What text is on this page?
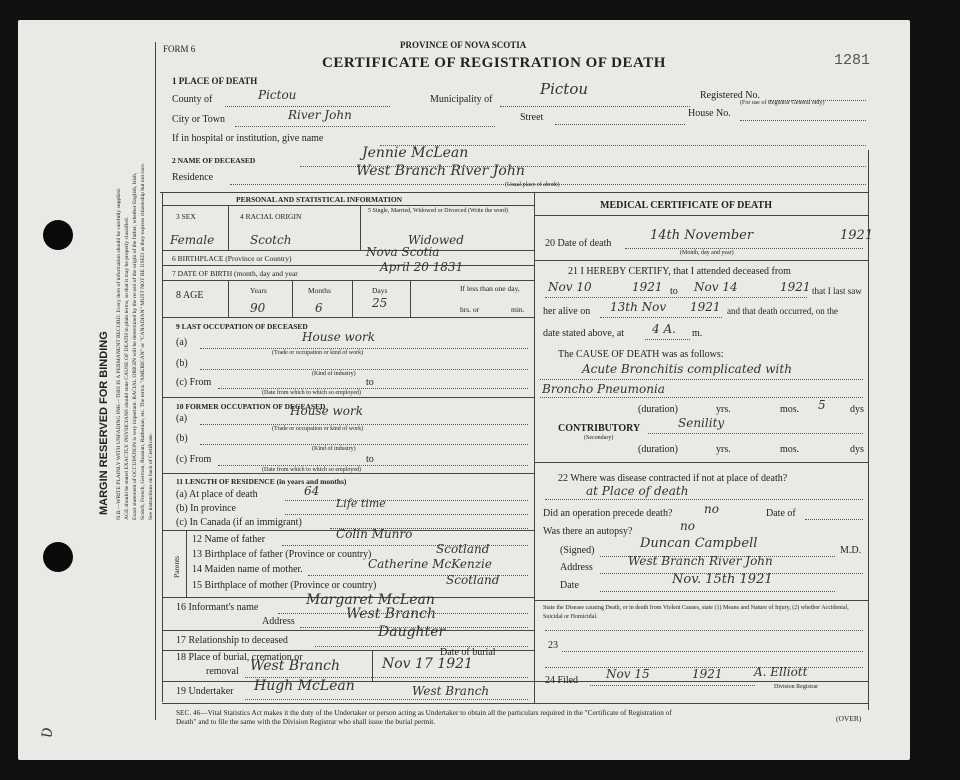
MARGIN RESERVED FOR BINDING N.B.—WRITE PLAINLY WITH UNFADING INK—THIS IS A PERMANENT RECORD. Every item of information should be carefully supplied. AGE should be stated EXACTLY. PHYSICIANS should state CAUSE OF DEATH in plain terms, so that it may be properly classified. Exact statement of OCCUPATION is very important. RACIAL ORIGIN will be determined by the record of the origin of the father, whether English, Irish, Scotch, French, German, Russian, Ruthenian, etc. The terms "AMERICAN" or "CANADIAN" MUST NOT BE USED as they express citizenship but not race. See instructions on back of Certificate.
Ʋ
FORM 6	PROVINCE OF NOVA SCOTIA
CERTIFICATE OF REGISTRATION OF DEATH	1281
1 PLACE OF DEATH
County of	Pictou	Municipality of
Pictou	Registered No.
(For use of Registrar General only)
City or Town	River John	Street	House No.
If in hospital or institution, give name
2 NAME OF DECEASED	Jennie McLean
Residence	West Branch River John
(Usual place of abode)
PERSONAL AND STATISTICAL INFORMATION
3 SEX	4 RACIAL ORIGIN
5 Single, Married, Widowed or Divorced (Write the word)
Female	Scotch	Widowed
6 BIRTHPLACE (Province or Country)	Nova Scotia
7 DATE OF BIRTH (month, day and year	April 20 1831
8 AGE	Years	Months	Days
90	6	25
If less than one day,
hrs. or	min.
9 LAST OCCUPATION OF DECEASED
(a)	House work
(Trade or occupation or kind of work)
(b)
(Kind of industry)
(c) From	to
(Date from which to which so employed)
10 FORMER OCCUPATION OF DECEASED
(a)
House work
(Trade or occupation or kind of work)
(b)
(Kind of industry)
(c) From	to
(Date from which to which so employed)
11 LENGTH OF RESIDENCE (in years and months)
(a) At place of death	64
(b) In province	Life time
(c) In Canada (if an immigrant)
Parents
12 Name of father	Colin Munro
13 Birthplace of father (Province or country)	Scotland
14 Maiden name of mother.	Catherine McKenzie
15 Birthplace of mother (Province or country)	Scotland
16 Informant's name	Margaret McLean
Address	West Branch
17 Relationship to deceased
Daughter
18 Place of burial, cremation or
removal West Branch
Date of burial
Nov 17 1921
19 Undertaker Hugh McLean	West Branch
MEDICAL CERTIFICATE OF DEATH
20 Date of death
14th November	1921
(Month, day and year)
21 I HEREBY CERTIFY, that I attended deceased from
Nov 10	1921 to Nov 14	1921 that I last saw
her alive on 13th Nov 1921 and that death occurred, on the
date stated above, at 4 A. m.
The CAUSE OF DEATH was as follows:
Acute Bronchitis complicated with
Broncho Pneumonia
(duration)	yrs.	mos. 5 dys
CONTRIBUTORY
(Secondary)
Senility
(duration)	yrs.	mos.	dys
22 Where was disease contracted if not at place of death?
at Place of death
Did an operation precede death?	no	Date of
Was there an autopsy?	no
(Signed)	Duncan Campbell	M.D.
Address	West Branch River John
Date	Nov. 15th 1921
State the Disease causing Death, or in death from Violent Causes, state (1) Means and Nature of Injury, (2) whether Accidental, Suicidal or Homicidal.
23
24 Filed Nov 15	1921	A. Elliott
Division Registrar
SEC. 46—Vital Statistics Act makes it the duty of the Undertaker or person acting as Undertaker to obtain all the particulars required in the "Certificate of Registration of
Death" and to file the same with the Division Registrar who shall issue the burial permit.	(OVER)
